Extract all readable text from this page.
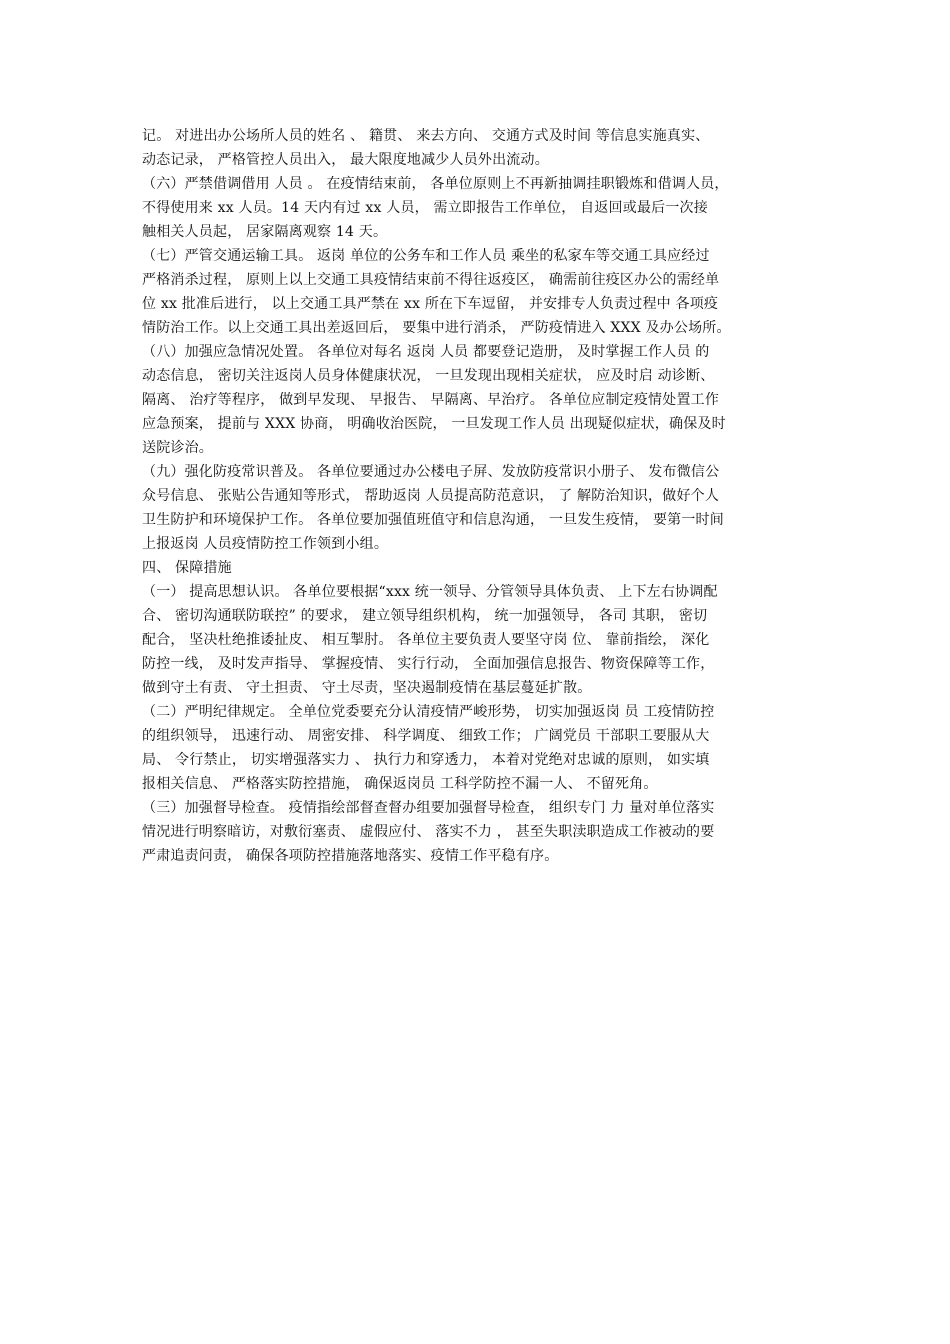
记。 对进出办公场所人员的姓名 、 籍贯、 来去方向、 交通方式及时间 等信息实施真实、
动态记录， 严格管控人员出入， 最大限度地减少人员外出流动。
（六）严禁借调借用 人员 。 在疫情结束前， 各单位原则上不再新抽调挂职锻炼和借调人员，
不得使用来 xx 人员。14 天内有过 xx 人员， 需立即报告工作单位， 自返回或最后一次接
触相关人员起， 居家隔离观察 14 天。
（七）严管交通运输工具。 返岗 单位的公务车和工作人员 乘坐的私家车等交通工具应经过
严格消杀过程， 原则上以上交通工具疫情结束前不得往返疫区， 确需前往疫区办公的需经单
位 xx 批准后进行， 以上交通工具严禁在 xx 所在下车逗留， 并安排专人负责过程中 各项疫
情防治工作。以上交通工具出差返回后， 要集中进行消杀， 严防疫情进入 XXX 及办公场所。
（八）加强应急情况处置。 各单位对每名 返岗 人员 都要登记造册， 及时掌握工作人员 的
动态信息， 密切关注返岗人员身体健康状况， 一旦发现出现相关症状， 应及时启 动诊断、
隔离、 治疗等程序， 做到早发现、 早报告、 早隔离、早治疗。 各单位应制定疫情处置工作
应急预案， 提前与 XXX 协商， 明确收治医院， 一旦发现工作人员 出现疑似症状，确保及时
送院诊治。
（九）强化防疫常识普及。 各单位要通过办公楼电子屏、发放防疫常识小册子、 发布微信公
众号信息、 张贴公告通知等形式， 帮助返岗 人员提高防范意识， 了 解防治知识，做好个人
卫生防护和环境保护工作。 各单位要加强值班值守和信息沟通， 一旦发生疫情， 要第一时间
上报返岗 人员疫情防控工作领到小组。
四、 保障措施
（一） 提高思想认识。 各单位要根据“xxx 统一领导、分管领导具体负责、 上下左右协调配
合、 密切沟通联防联控” 的要求， 建立领导组织机构， 统一加强领导， 各司 其职， 密切
配合， 坚决杜绝推诿扯皮、 相互掣肘。 各单位主要负责人要坚守岗 位、 靠前指绘， 深化
防控一线， 及时发声指导、 掌握疫情、 实行行动， 全面加强信息报告、物资保障等工作，
做到守土有责、 守土担责、 守土尽责，坚决遏制疫情在基层蔓延扩散。
（二）严明纪律规定。 全单位党委要充分认清疫情严峻形势， 切实加强返岗 员 工疫情防控
的组织领导， 迅速行动、 周密安排、 科学调度、 细致工作； 广阔党员 干部职工要服从大
局、 令行禁止， 切实增强落实力 、 执行力和穿透力， 本着对党绝对忠诚的原则， 如实填
报相关信息、 严格落实防控措施， 确保返岗员 工科学防控不漏一人、 不留死角。
（三）加强督导检查。 疫情指绘部督查督办组要加强督导检查， 组织专门 力 量对单位落实
情况进行明察暗访，对敷衍塞责、 虚假应付、 落实不力 ， 甚至失职渎职造成工作被动的要
严肃追责问责， 确保各项防控措施落地落实、疫情工作平稳有序。
